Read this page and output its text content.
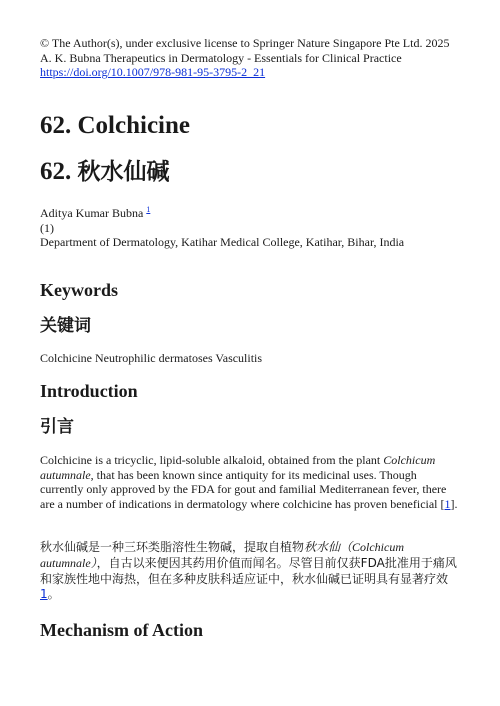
© The Author(s), under exclusive license to Springer Nature Singapore Pte Ltd. 2025
A. K. Bubna Therapeutics in Dermatology - Essentials for Clinical Practice
https://doi.org/10.1007/978-981-95-3795-2_21
62. Colchicine
62. 秋水仙碱
Aditya Kumar Bubna $^1$
(1)
Department of Dermatology, Katihar Medical College, Katihar, Bihar, India
Keywords
关键词
Colchicine Neutrophilic dermatoses Vasculitis
Introduction
引言
Colchicine is a tricyclic, lipid-soluble alkaloid, obtained from the plant Colchicum autumnale, that has been known since antiquity for its medicinal uses. Though currently only approved by the FDA for gout and familial Mediterranean fever, there are a number of indications in dermatology where colchicine has proven beneficial [1].
秋水仙碱是一种三环类脂溶性生物碱，提取自植物秋水仙（Colchicum autumnale），自古以来便因其药用价值而闻名。尽管目前仅获FDA批准用于痛风和家族性地中海热，但在多种皮肤科适应证中，秋水仙碱已证明具有显著疗效1。
Mechanism of Action
